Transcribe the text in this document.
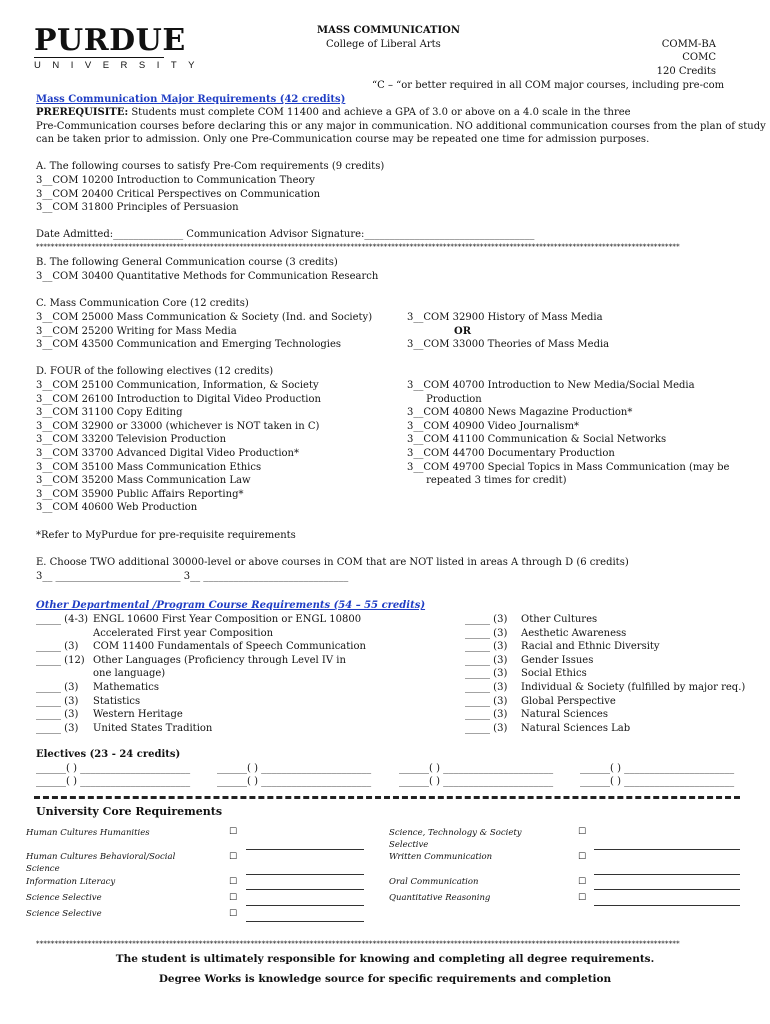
PURDUE
UNIVERSITY
MASS COMMUNICATION
College of Liberal Arts	COMM-BA
COMC
120 Credits
“C – “or better required in all COM major courses, including pre-com
Mass Communication Major Requirements (42 credits)
PREREQUISITE: Students must complete COM 11400 and achieve a GPA of 3.0 or above on a 4.0 scale in the three
Pre-Communication courses before declaring this or any major in communication. NO additional communication courses from the plan of study
can be taken prior to admission. Only one Pre-Communication course may be repeated one time for admission purposes.
A. The following courses to satisfy Pre-Com requirements (9 credits)
3__COM 10200 Introduction to Communication Theory
3__COM 20400 Critical Perspectives on Communication
3__COM 31800 Principles of Persuasion
Date Admitted:______________ Communication Advisor Signature:__________________________________
******************************************************************************************************************************************************************************
B. The following General Communication course (3 credits)
3__COM 30400 Quantitative Methods for Communication Research
C. Mass Communication Core (12 credits)
3__COM 25000 Mass Communication & Society (Ind. and Society)
3__COM 25200 Writing for Mass Media
3__COM 43500 Communication and Emerging Technologies
3__COM 32900 History of Mass Media
OR
3__COM 33000 Theories of Mass Media
D. FOUR of the following electives (12 credits)
3__COM 25100 Communication, Information, & Society
3__COM 26100 Introduction to Digital Video Production
3__COM 31100 Copy Editing
3__COM 32900 or 33000 (whichever is NOT taken in C)
3__COM 33200 Television Production
3__COM 33700 Advanced Digital Video Production*
3__COM 35100 Mass Communication Ethics
3__COM 35200 Mass Communication Law
3__COM 35900 Public Affairs Reporting*
3__COM 40600 Web Production
3__COM 40700 Introduction to New Media/Social Media
Production
3__COM 40800 News Magazine Production*
3__COM 40900 Video Journalism*
3__COM 41100 Communication & Social Networks
3__COM 44700 Documentary Production
3__COM 49700 Special Topics in Mass Communication (may be
repeated 3 times for credit)
*Refer to MyPurdue for pre-requisite requirements
E. Choose TWO additional 30000-level or above courses in COM that are NOT listed in areas A through D (6 credits)
3__ _________________________ 3__ _____________________________
Other Departmental /Program Course Requirements (54 – 55 credits)
_____ (4-3)

_____ (3)
_____ (12)

_____ (3)
_____ (3)
_____ (3)
_____ (3)
ENGL 10600 First Year Composition or ENGL 10800
Accelerated First year Composition
COM 11400 Fundamentals of Speech Communication
Other Languages (Proficiency through Level IV in
one language)
Mathematics
Statistics
Western Heritage
United States Tradition
_____ (3)
_____ (3)
_____ (3)
_____ (3)
_____ (3)
_____ (3)
_____ (3)
_____ (3)
_____ (3)
Other Cultures
Aesthetic Awareness
Racial and Ethnic Diversity
Gender Issues
Social Ethics
Individual & Society (fulfilled by major req.)
Global Perspective
Natural Sciences
Natural Sciences Lab
Electives (23 - 24 credits)
______( ) ______________________
______( ) ______________________
______( ) ______________________
______( ) ______________________
______( ) ______________________
______( ) ______________________
______( ) ______________________
______( ) ______________________
University Core Requirements
Human Cultures Humanities
Human Cultures Behavioral/Social
Science
Information Literacy
Science Selective
Science Selective
☐
☐
☐
☐
☐
Science, Technology & Society
Selective
Written Communication
Oral Communication
Quantitative Reasoning
☐
☐
☐
☐
******************************************************************************************************************************************************************************
The student is ultimately responsible for knowing and completing all degree requirements.
Degree Works is knowledge source for specific requirements and completion
